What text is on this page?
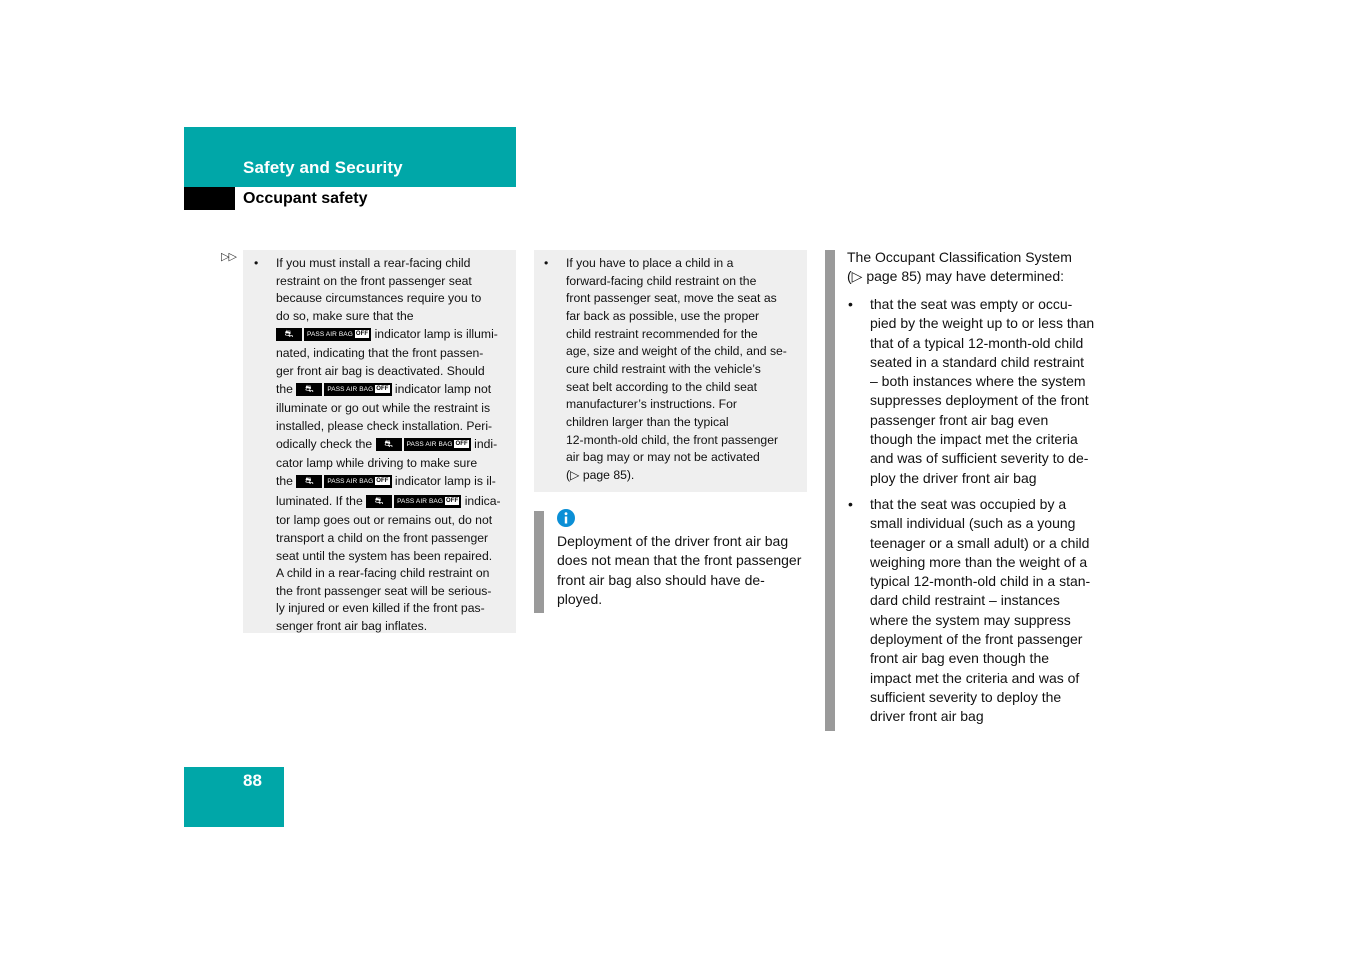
Safety and Security
Occupant safety
▷▷ • If you must install a rear-facing child

restraint on the front passenger seat

because circumstances require you to

do so, make sure that the

⛐ PASS AIR BAG OFF indicator lamp is illumi-

nated, indicating that the front passen-

ger front air bag is deactivated. Should

the ⛐ PASS AIR BAG OFF indicator lamp not

illuminate or go out while the restraint is

installed, please check installation. Peri-

odically check the ⛐ PASS AIR BAG OFF indi-

cator lamp while driving to make sure

the ⛐ PASS AIR BAG OFF indicator lamp is il-

luminated. If the ⛐ PASS AIR BAG OFF indica-

tor lamp goes out or remains out, do not

transport a child on the front passenger

seat until the system has been repaired.

A child in a rear-facing child restraint on

the front passenger seat will be serious-

ly injured or even killed if the front pas-

senger front air bag inflates.

• If you have to place a child in a

forward-facing child restraint on the

front passenger seat, move the seat as

far back as possible, use the proper

child restraint recommended for the

age, size and weight of the child, and se-

cure child restraint with the vehicle’s

seat belt according to the child seat

manufacturer’s instructions. For

children larger than the typical

12-month-old child, the front passenger

air bag may or may not be activated

(▷ page 85).

Deployment of the driver front air bag
does not mean that the front passenger
front air bag also should have de-
ployed.
The Occupant Classification System
(▷ page 85) may have determined:
• that the seat was empty or occu-

pied by the weight up to or less than

that of a typical 12-month-old child

seated in a standard child restraint

– both instances where the system

suppresses deployment of the front

passenger front air bag even

though the impact met the criteria

and was of sufficient severity to de-

ploy the driver front air bag

• that the seat was occupied by a

small individual (such as a young

teenager or a small adult) or a child

weighing more than the weight of a

typical 12-month-old child in a stan-

dard child restraint – instances

where the system may suppress

deployment of the front passenger

front air bag even though the

impact met the criteria and was of

sufficient severity to deploy the

driver front air bag

88
